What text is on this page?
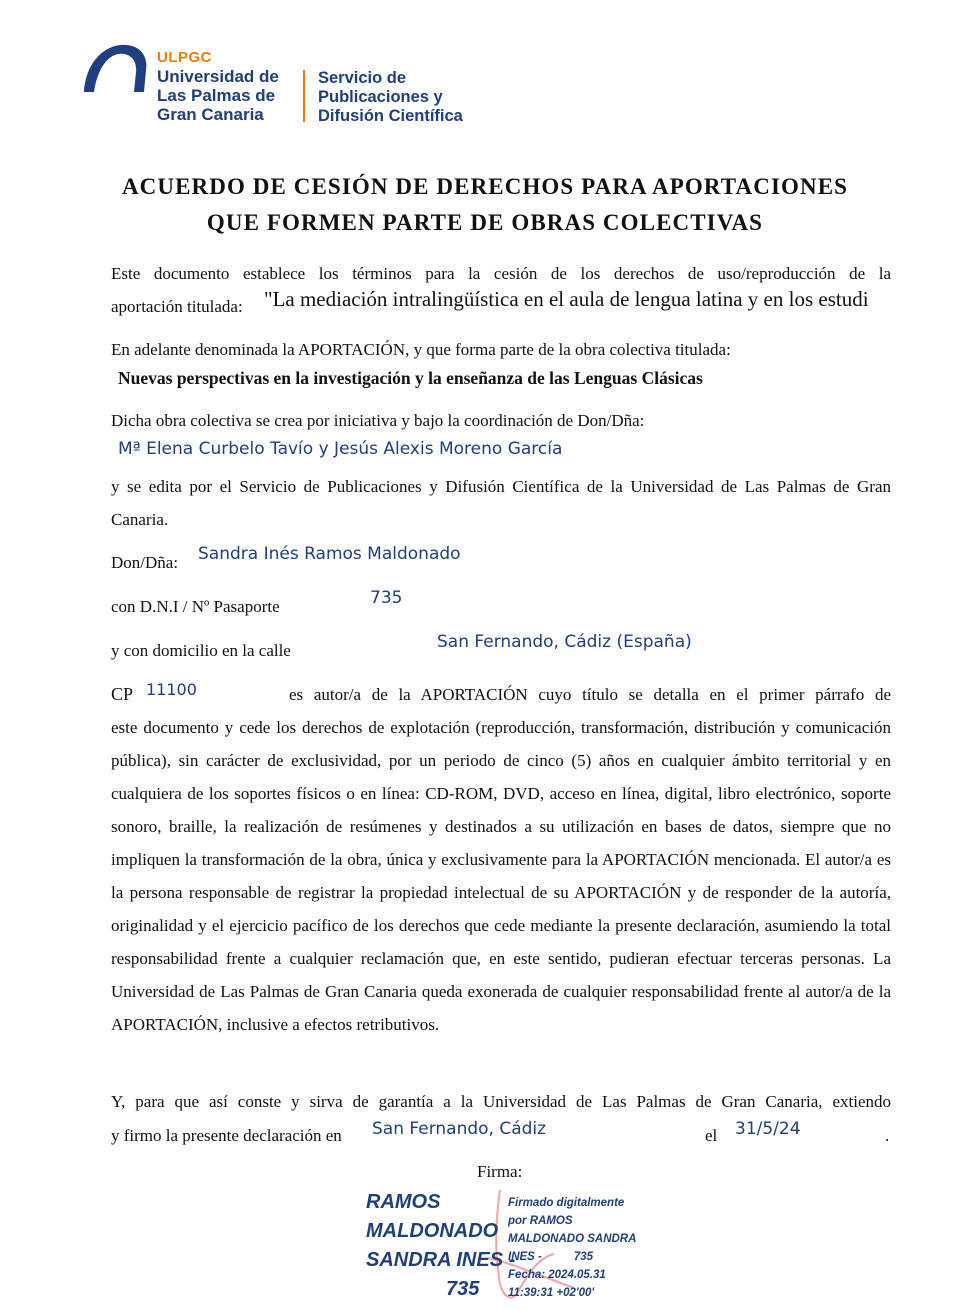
ULPGC
Universidad de
Las Palmas de
Gran Canaria
Servicio de
Publicaciones y
Difusión Científica
ACUERDO DE CESIÓN DE DERECHOS PARA APORTACIONES
QUE FORMEN PARTE DE OBRAS COLECTIVAS
Este documento establece los términos para la cesión de los derechos de uso/reproducción de la
aportación titulada: "La mediación intralingüística en el aula de lengua latina y en los estudi
En adelante denominada la APORTACIÓN, y que forma parte de la obra colectiva titulada:
Nuevas perspectivas en la investigación y la enseñanza de las Lenguas Clásicas
Dicha obra colectiva se crea por iniciativa y bajo la coordinación de Don/Dña:
Mª Elena Curbelo Tavío y Jesús Alexis Moreno García
y se edita por el Servicio de Publicaciones y Difusión Científica de la Universidad de Las Palmas de Gran
Canaria.
Don/Dña: Sandra Inés Ramos Maldonado
con D.N.I / Nº Pasaporte	735
y con domicilio en la calle	San Fernando, Cádiz (España)
CP 11100	es autor/a de la APORTACIÓN cuyo título se detalla en el primer párrafo de
este documento y cede los derechos de explotación (reproducción, transformación, distribución y comunicación pública), sin carácter de exclusividad, por un periodo de cinco (5) años en cualquier ámbito territorial y en cualquiera de los soportes físicos o en línea: CD-ROM, DVD, acceso en línea, digital, libro electrónico, soporte sonoro, braille, la realización de resúmenes y destinados a su utilización en bases de datos, siempre que no impliquen la transformación de la obra, única y exclusivamente para la APORTACIÓN mencionada. El autor/a es la persona responsable de registrar la propiedad intelectual de su APORTACIÓN y de responder de la autoría, originalidad y el ejercicio pacífico de los derechos que cede mediante la presente declaración, asumiendo la total responsabilidad frente a cualquier reclamación que, en este sentido, pudieran efectuar terceras personas. La Universidad de Las Palmas de Gran Canaria queda exonerada de cualquier responsabilidad frente al autor/a de la APORTACIÓN, inclusive a efectos retributivos.
Y, para que así conste y sirva de garantía a la Universidad de Las Palmas de Gran Canaria, extiendo
y firmo la presente declaración en San Fernando, Cádiz	el 31/5/24	.
Firma:
RAMOS
MALDONADO
SANDRA INES -
735
Firmado digitalmente
por RAMOS
MALDONADO SANDRA
INES -          735
Fecha: 2024.05.31
11:39:31 +02'00'
